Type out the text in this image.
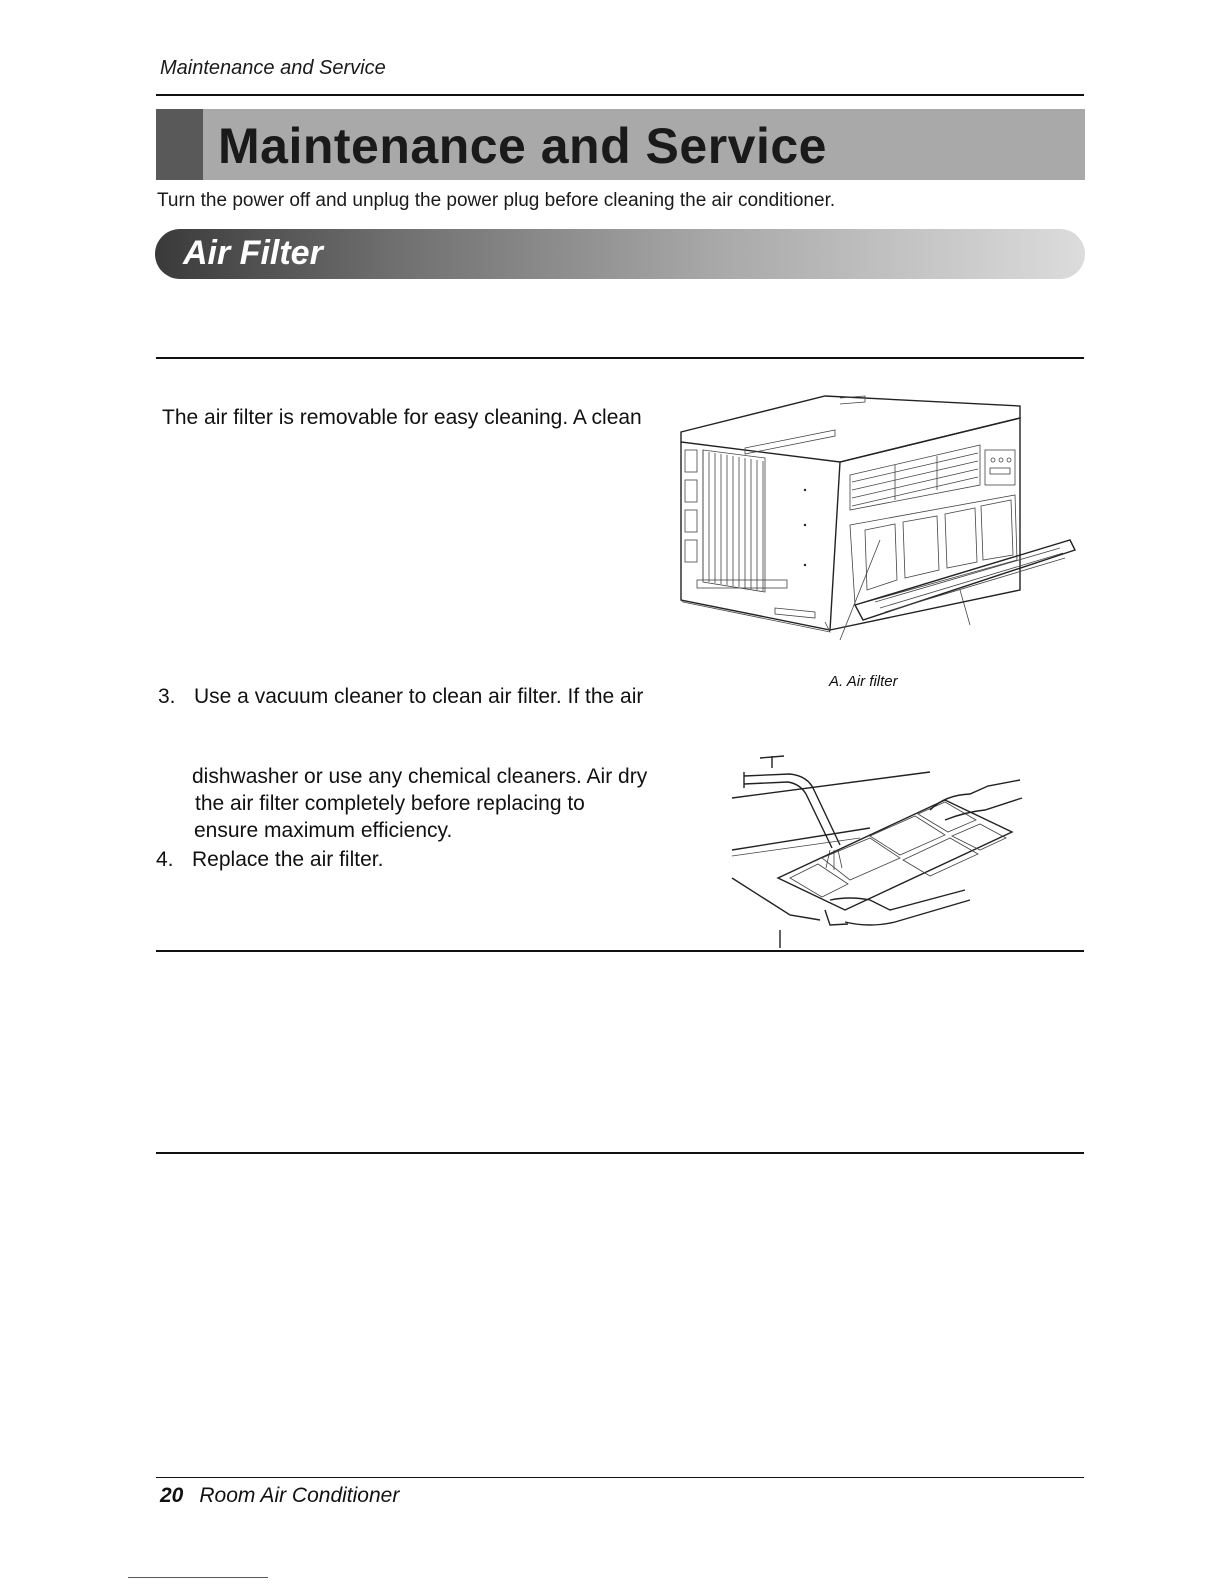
Maintenance and Service
Maintenance and Service
Turn the power off and unplug the power plug before cleaning the air conditioner.
Air Filter
The air filter is removable for easy cleaning. A clean
3. Use a vacuum cleaner to clean air filter. If the air
dishwasher or use any chemical cleaners. Air dry
the air filter completely before replacing to
ensure maximum efficiency.
4. Replace the air filter.
A. Air filter
20 Room Air Conditioner
